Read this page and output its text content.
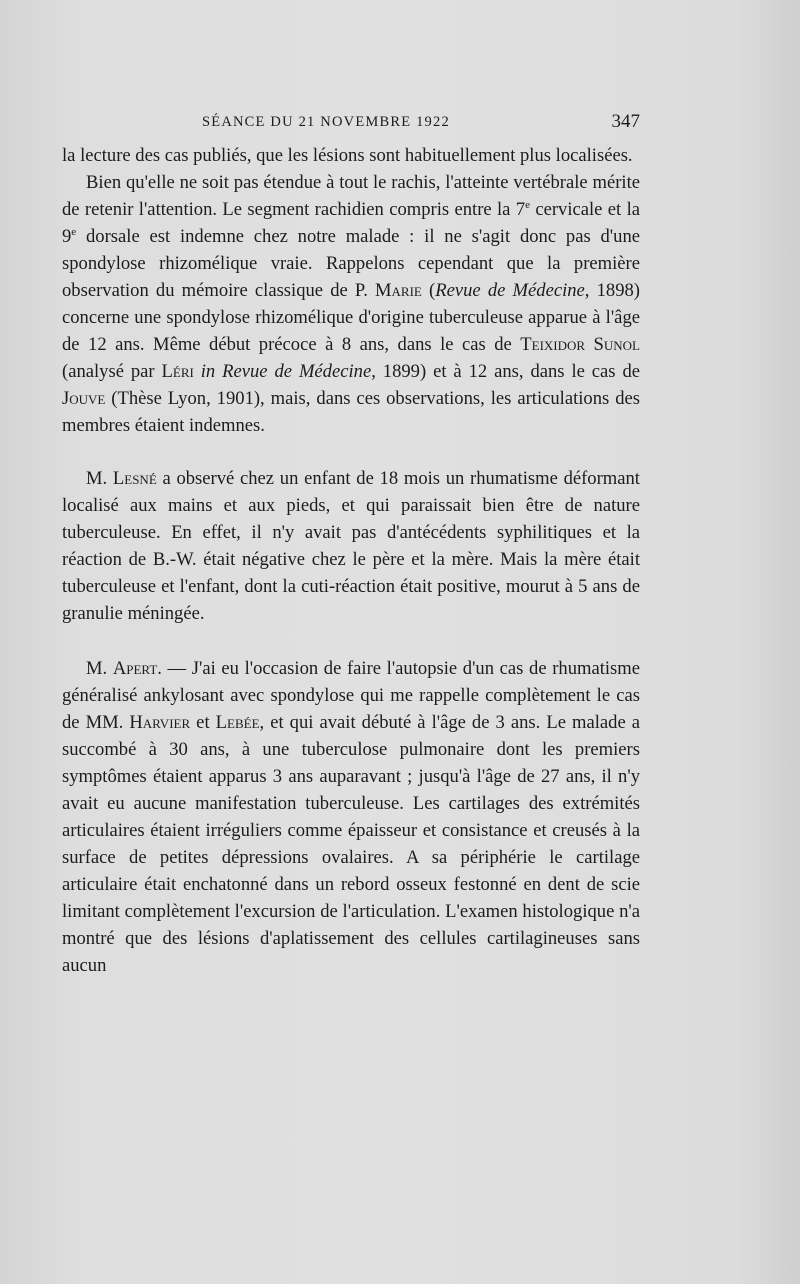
SÉANCE DU 21 NOVEMBRE 1922	347

la lecture des cas publiés, que les lésions sont habituellement plus localisées.

Bien qu'elle ne soit pas étendue à tout le rachis, l'atteinte vertébrale mérite de retenir l'attention. Le segment rachidien compris entre la 7e cervicale et la 9e dorsale est indemne chez notre malade : il ne s'agit donc pas d'une spondylose rhizomélique vraie. Rappelons cependant que la première observation du mémoire classique de P. Marie (Revue de Médecine, 1898) concerne une spondylose rhizomélique d'origine tuberculeuse apparue à l'âge de 12 ans. Même début précoce à 8 ans, dans le cas de Teixidor Sunol (analysé par Léri in Revue de Médecine, 1899) et à 12 ans, dans le cas de Jouve (Thèse Lyon, 1901), mais, dans ces observations, les articulations des membres étaient indemnes.

M. Lesné a observé chez un enfant de 18 mois un rhumatisme déformant localisé aux mains et aux pieds, et qui paraissait bien être de nature tuberculeuse. En effet, il n'y avait pas d'antécédents syphilitiques et la réaction de B.-W. était négative chez le père et la mère. Mais la mère était tuberculeuse et l'enfant, dont la cuti-réaction était positive, mourut à 5 ans de granulie méningée.

M. Apert. — J'ai eu l'occasion de faire l'autopsie d'un cas de rhumatisme généralisé ankylosant avec spondylose qui me rappelle complètement le cas de MM. Harvier et Lebée, et qui avait débuté à l'âge de 3 ans. Le malade a succombé à 30 ans, à une tuberculose pulmonaire dont les premiers symptômes étaient apparus 3 ans auparavant ; jusqu'à l'âge de 27 ans, il n'y avait eu aucune manifestation tuberculeuse. Les cartilages des extrémités articulaires étaient irréguliers comme épaisseur et consistance et creusés à la surface de petites dépressions ovalaires. A sa périphérie le cartilage articulaire était enchatonné dans un rebord osseux festonné en dent de scie limitant complètement l'excursion de l'articulation. L'examen histologique n'a montré que des lésions d'aplatissement des cellules cartilagineuses sans aucun
